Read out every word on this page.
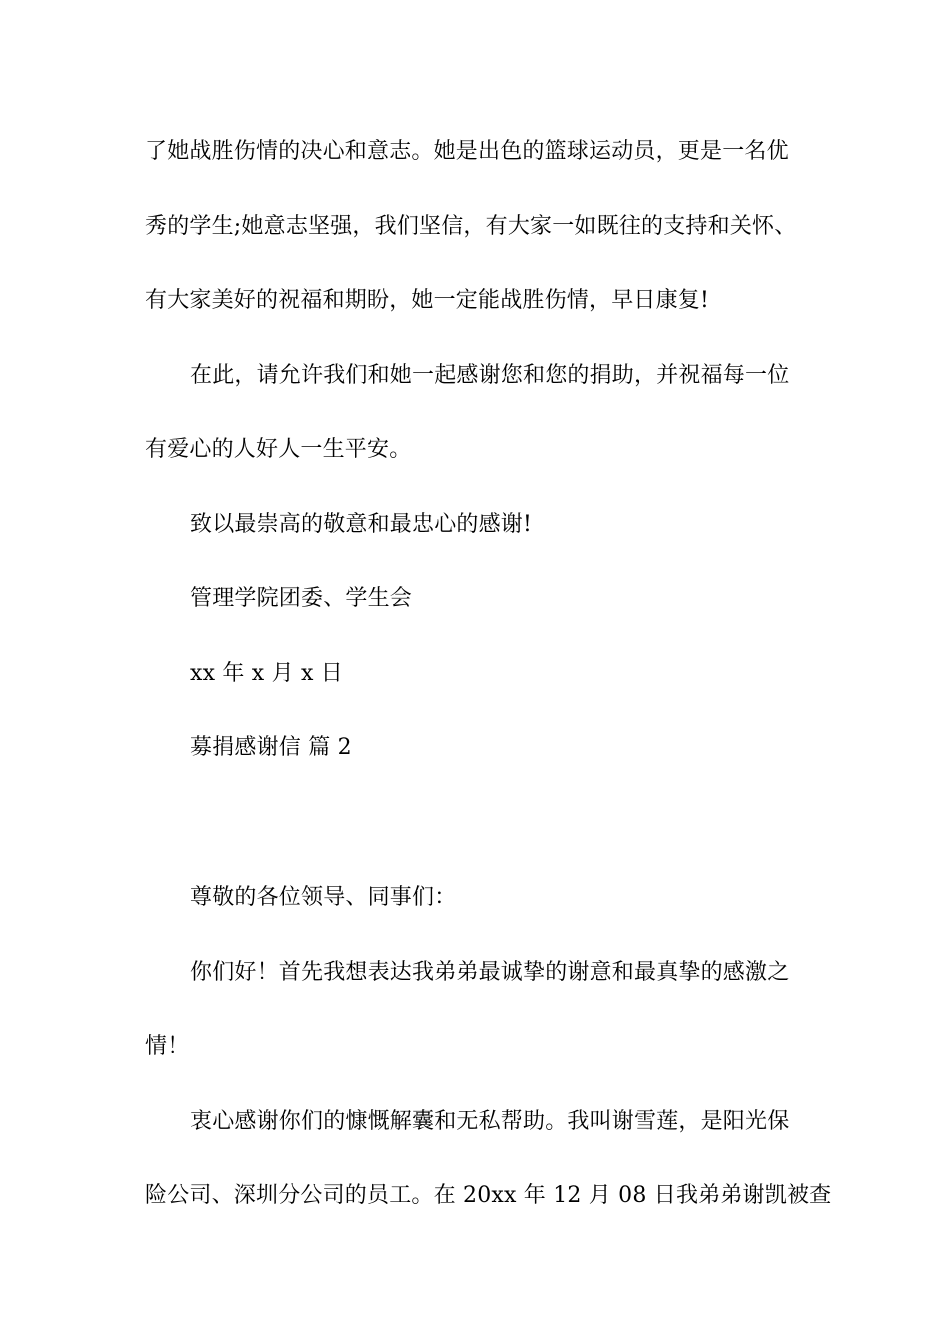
了她战胜伤情的决心和意志。她是出色的篮球运动员，更是一名优
秀的学生;她意志坚强，我们坚信，有大家一如既往的支持和关怀、
有大家美好的祝福和期盼，她一定能战胜伤情，早日康复!
在此，请允许我们和她一起感谢您和您的捐助，并祝福每一位
有爱心的人好人一生平安。
致以最崇高的敬意和最忠心的感谢!
管理学院团委、学生会
xx 年 x 月 x 日
募捐感谢信 篇 2
尊敬的各位领导、同事们：
你们好！首先我想表达我弟弟最诚挚的谢意和最真挚的感激之
情！
衷心感谢你们的慷慨解囊和无私帮助。我叫谢雪莲，是阳光保
险公司、深圳分公司的员工。在 20xx 年 12 月 08 日我弟弟谢凯被查
